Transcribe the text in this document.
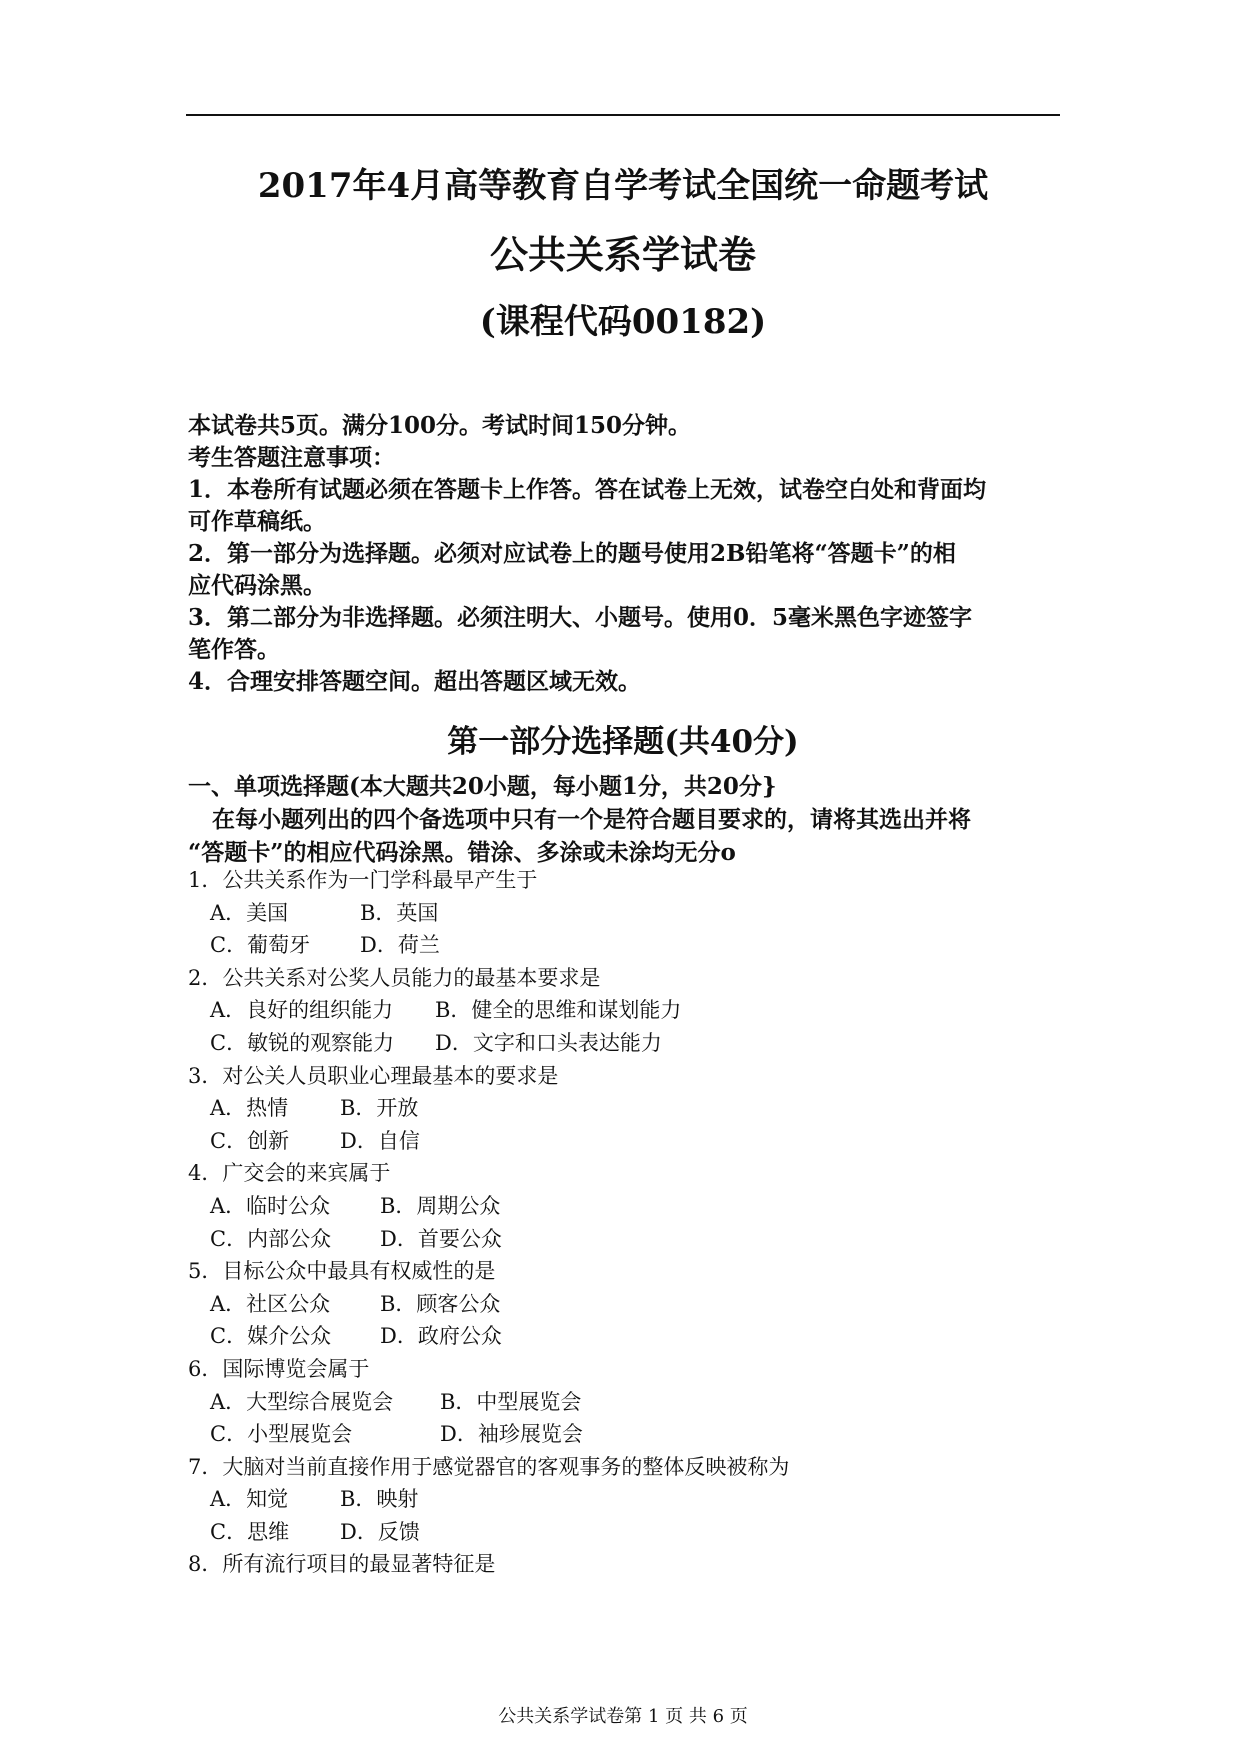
2017年4月高等教育自学考试全国统一命题考试
公共关系学试卷
(课程代码00182)

本试卷共5页。满分100分。考试时间150分钟。

考生答题注意事项：

1．本卷所有试题必须在答题卡上作答。答在试卷上无效，试卷空白处和背面均

可作草稿纸。

2．第一部分为选择题。必须对应试卷上的题号使用2B铅笔将“答题卡”的相

应代码涂黑。

3．第二部分为非选择题。必须注明大、小题号。使用0．5毫米黑色字迹签字

笔作答。

4．合理安排答题空间。超出答题区域无效。

第一部分选择题(共40分)

一、单项选择题(本大题共20小题，每小题1分，共20分}

在每小题列出的四个备选项中只有一个是符合题目要求的，请将其选出并将

“答题卡”的相应代码涂黑。错涂、多涂或未涂均无分o

1．公共关系作为一门学科最早产生于

A．美国	B．英国

C．葡萄牙 D．荷兰

2．公共关系对公奖人员能力的最基本要求是

A．良好的组织能力 B．健全的思维和谋划能力

C．敏锐的观察能力 D．文字和口头表达能力

3．对公关人员职业心理最基本的要求是

A．热情 B．开放

C．创新 D．自信

4．广交会的来宾属于

A．临时公众 B．周期公众

C．内部公众 D．首要公众

5．目标公众中最具有权威性的是

A．社区公众 B．顾客公众

C．媒介公众 D．政府公众

6．国际博览会属于

A．大型综合展览会 B．中型展览会

C．小型展览会	D．袖珍展览会

7．大脑对当前直接作用于感觉器官的客观事务的整体反映被称为

A．知觉 B．映射

C．思维 D．反馈

8．所有流行项目的最显著特征是

公共关系学试卷第 1 页 共 6 页
